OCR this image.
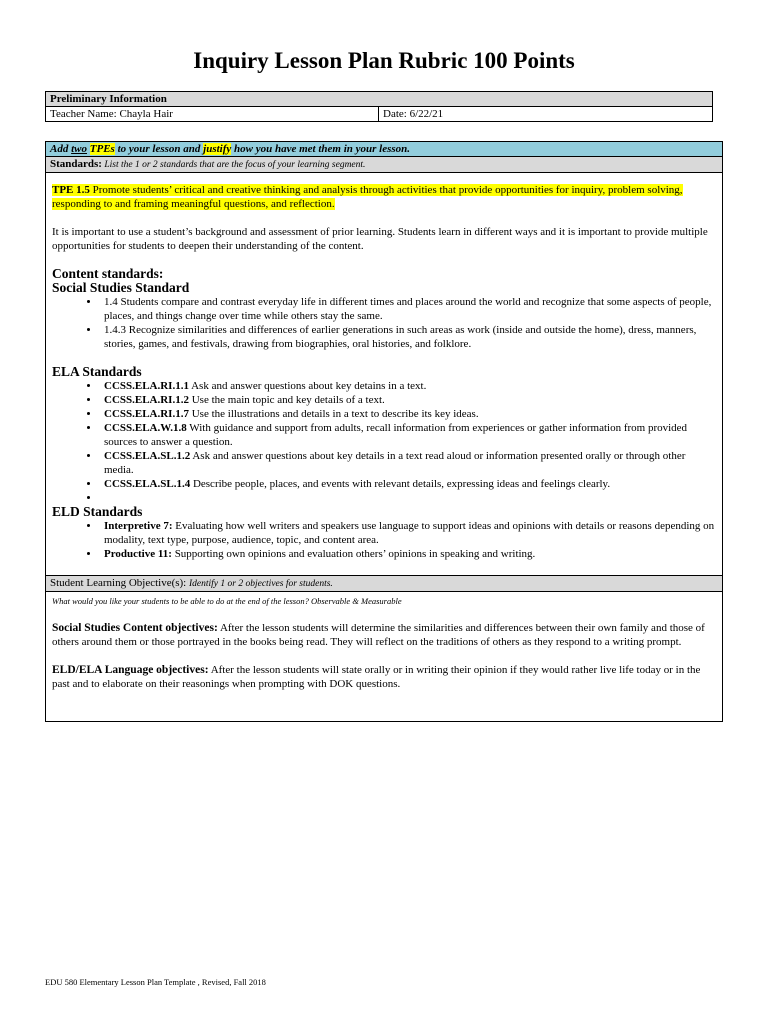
Inquiry Lesson Plan Rubric 100 Points
Preliminary Information
Teacher Name: Chayla Hair	Date: 6/22/21
Add two TPEs to your lesson and justify how you have met them in your lesson.
Standards: List the 1 or 2 standards that are the focus of your learning segment.

TPE 1.5 Promote students’ critical and creative thinking and analysis through activities that provide opportunities for inquiry, problem solving, responding to and framing meaningful questions, and reflection.

It is important to use a student’s background and assessment of prior learning. Students learn in different ways and it is important to provide multiple opportunities for students to deepen their understanding of the content.

Content standards:

Social Studies Standard

• 1.4 Students compare and contrast everyday life in different times and places around the world and recognize that some aspects of people, places, and things change over time while others stay the same.
• 1.4.3 Recognize similarities and differences of earlier generations in such areas as work (inside and outside the home), dress, manners, stories, games, and festivals, drawing from biographies, oral histories, and folklore.

ELA Standards

• CCSS.ELA.RI.1.1 Ask and answer questions about key detains in a text.
• CCSS.ELA.RI.1.2 Use the main topic and key details of a text.
• CCSS.ELA.RI.1.7 Use the illustrations and details in a text to describe its key ideas.
• CCSS.ELA.W.1.8 With guidance and support from adults, recall information from experiences or gather information from provided sources to answer a question.
• CCSS.ELA.SL.1.2 Ask and answer questions about key details in a text read aloud or information presented orally or through other media.
• CCSS.ELA.SL.1.4 Describe people, places, and events with relevant details, expressing ideas and feelings clearly.
•

ELD Standards

• Interpretive 7: Evaluating how well writers and speakers use language to support ideas and opinions with details or reasons depending on modality, text type, purpose, audience, topic, and content area.
• Productive 11: Supporting own opinions and evaluation others’ opinions in speaking and writing.

Student Learning Objective(s): Identify 1 or 2 objectives for students.

What would you like your students to be able to do at the end of the lesson? Observable & Measurable

Social Studies Content objectives: After the lesson students will determine the similarities and differences between their own family and those of others around them or those portrayed in the books being read. They will reflect on the traditions of others as they respond to a writing prompt.

ELD/ELA Language objectives: After the lesson students will state orally or in writing their opinion if they would rather live life today or in the past and to elaborate on their reasonings when prompting with DOK questions.

EDU 580 Elementary Lesson Plan Template , Revised, Fall 2018
